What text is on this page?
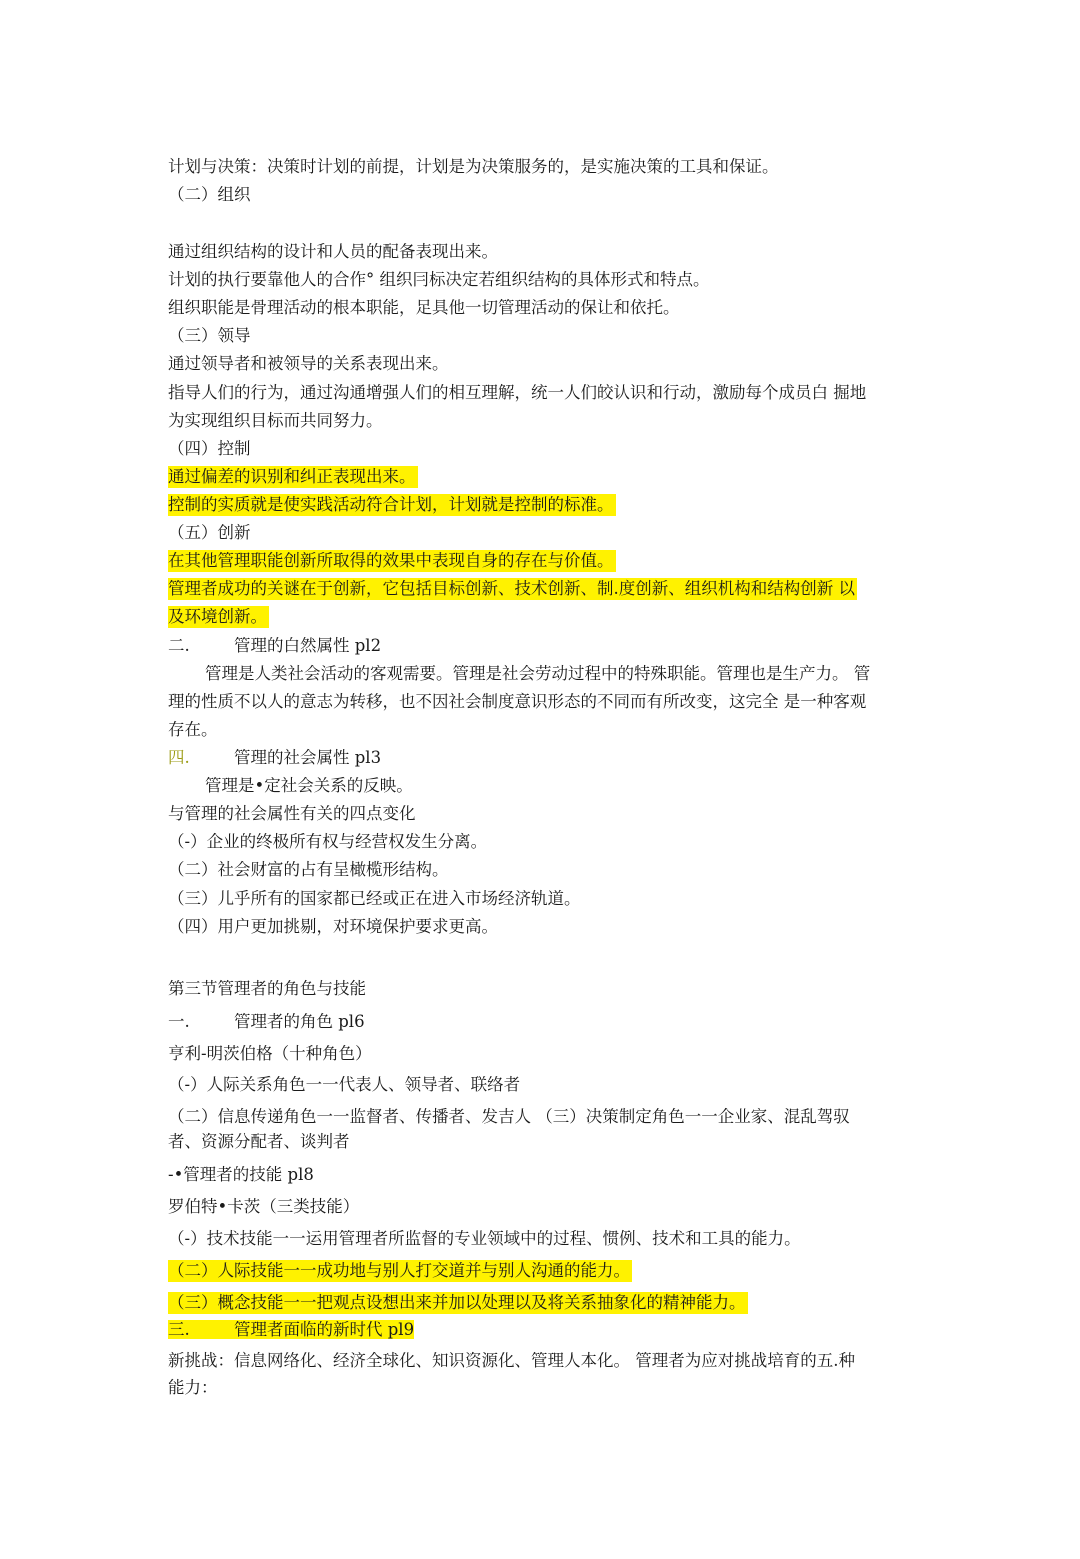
计划与决策：决策时计划的前提，计划是为决策服务的，是实施决策的工具和保证。

（二）组织

通过组织结构的设计和人员的配备表现出来。

计划的执行要靠他人的合作° 组织冃标决定若组织结构的具体形式和特点。

组织职能是骨理活动的根本职能，足具他一切管理活动的保让和依托。

（三）领导

通过领导者和被领导的关系表现出来。

指导人们的行为，通过沟通增强人们的相互理解，统一人们皎认识和行动，激励每个成员白 掘地

为实现组织目标而共同努力。

（四）控制

通过偏差的识别和纠正表现出来。

控制的实质就是使实践活动符合计划，计划就是控制的标准。

（五）创新

在其他管理职能创新所取得的效果中表现自身的存在与价值。

管理者成功的关谜在于创新，它包括目标创新、技术创新、制.度创新、组织机构和结构创新 以

及环境创新。

二.	管理的白然属性 pl2

管理是人类社会活动的客观需要。管理是社会劳动过程中的特殊职能。管理也是生产力。 管

理的性质不以人的意志为转移，也不因社会制度意识形态的不同而有所改变，这完全 是一种客观

存在。

四.	管理的社会属性 pl3

管理是•定社会关系的反映。

与管理的社会属性有关的四点变化

（-）企业的终极所有权与经营权发生分离。

（二）社会财富的占有呈橄榄形结构。

（三）儿乎所有的国家都已经或正在进入市场经济轨道。

（四）用户更加挑剔，对环境保护要求更高。

第三节管理者的角色与技能

一.	管理者的角色 pl6

亨利-明茨伯格（十种角色）

（-）人际关系角色一一代表人、领导者、联络者

（二）信息传递角色一一监督者、传播者、发吉人 （三）决策制定角色一一企业家、混乱驾驭

者、资源分配者、谈判者

-•管理者的技能 pl8

罗伯特•卡茨（三类技能）

（-）技术技能一一运用管理者所监督的专业领域中的过程、惯例、技术和工具的能力。

（二）人际技能一一成功地与别人打交道并与别人沟通的能力。

（三）概念技能一一把观点设想出来并加以处理以及将关系抽象化的精神能力。

三.	管理者面临的新时代 pl9

新挑战：信息网络化、经济全球化、知识资源化、管理人本化。 管理者为应对挑战培育的五.种

能力：
